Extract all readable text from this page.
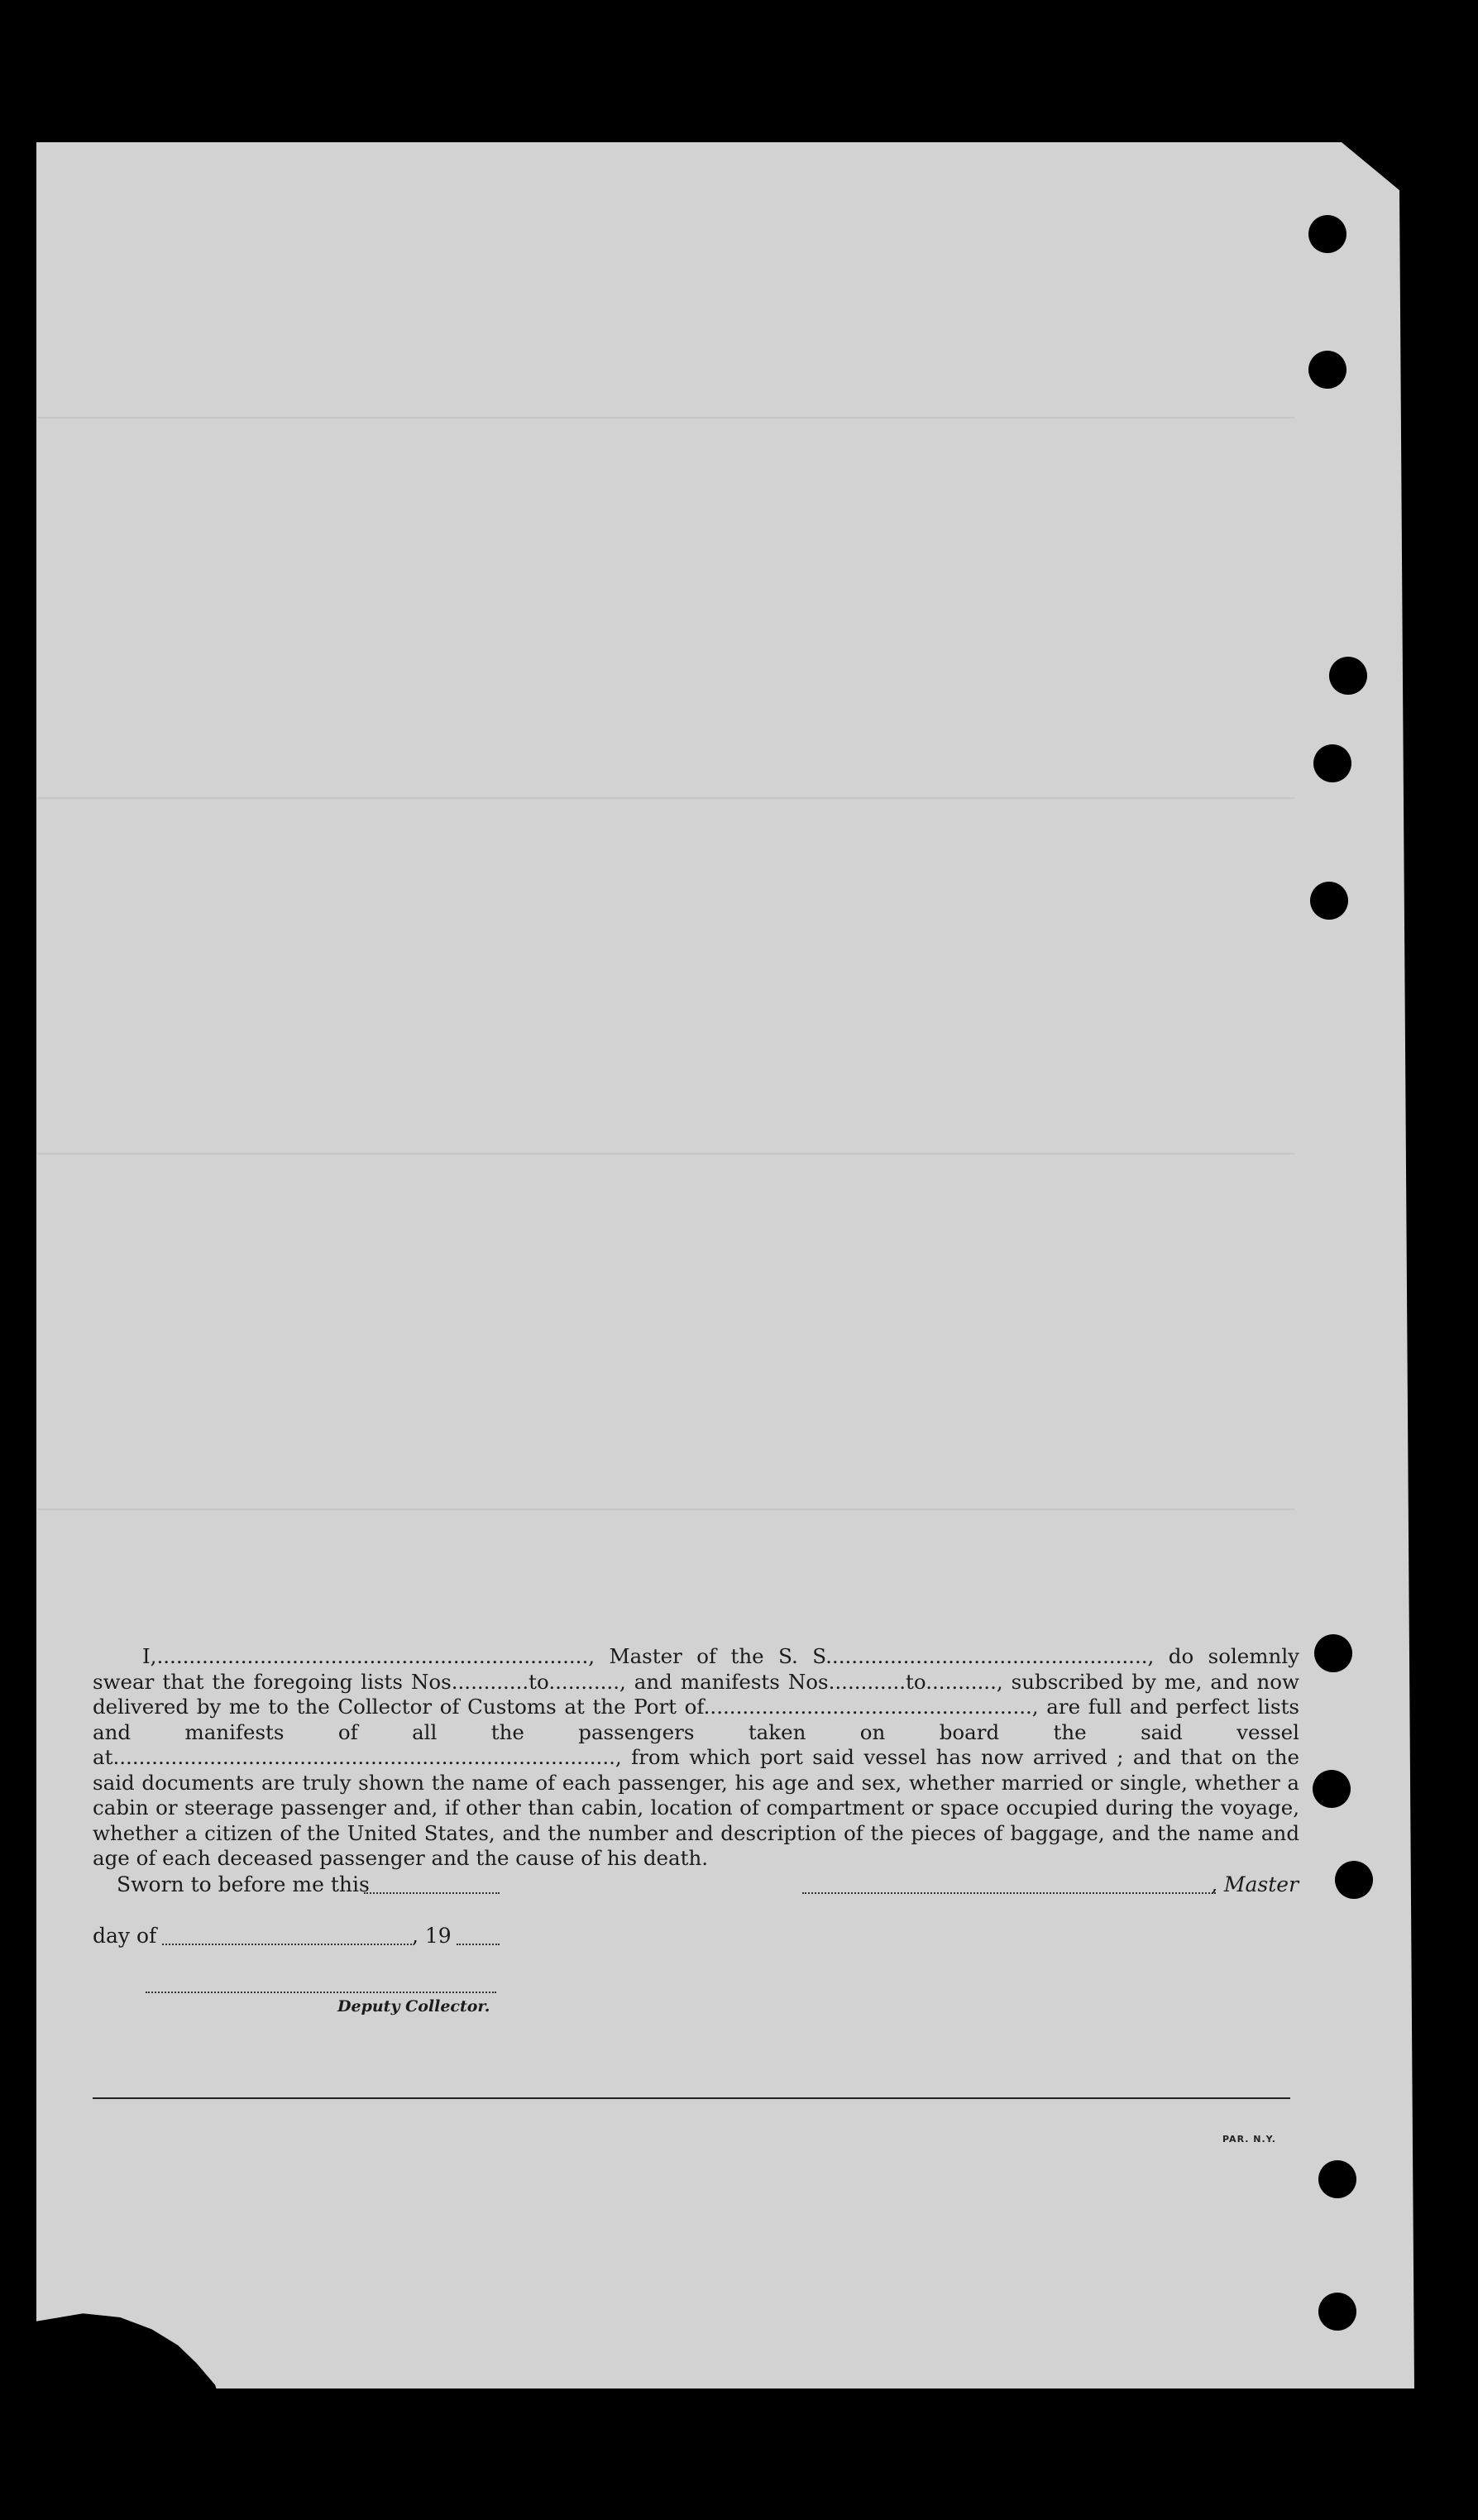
I,..................................................................., Master of the S. S.................................................., do solemnly swear that the foregoing lists Nos............to..........., and manifests Nos............to..........., subscribed by me, and now delivered by me to the Collector of Customs at the Port of..................................................., are full and perfect lists and manifests of all the passengers taken on board the said vessel at.............................................................................., from which port said vessel has now arrived ; and that on the said documents are truly shown the name of each passenger, his age and sex, whether married or single, whether a cabin or steerage passenger and, if other than cabin, location of compartment or space occupied during the voyage, whether a citizen of the United States, and the number and description of the pieces of baggage, and the name and age of each deceased passenger and the cause of his death.

Sworn to before me this	, Master
day of	, 19
Deputy Collector.
PAR. N.Y.
